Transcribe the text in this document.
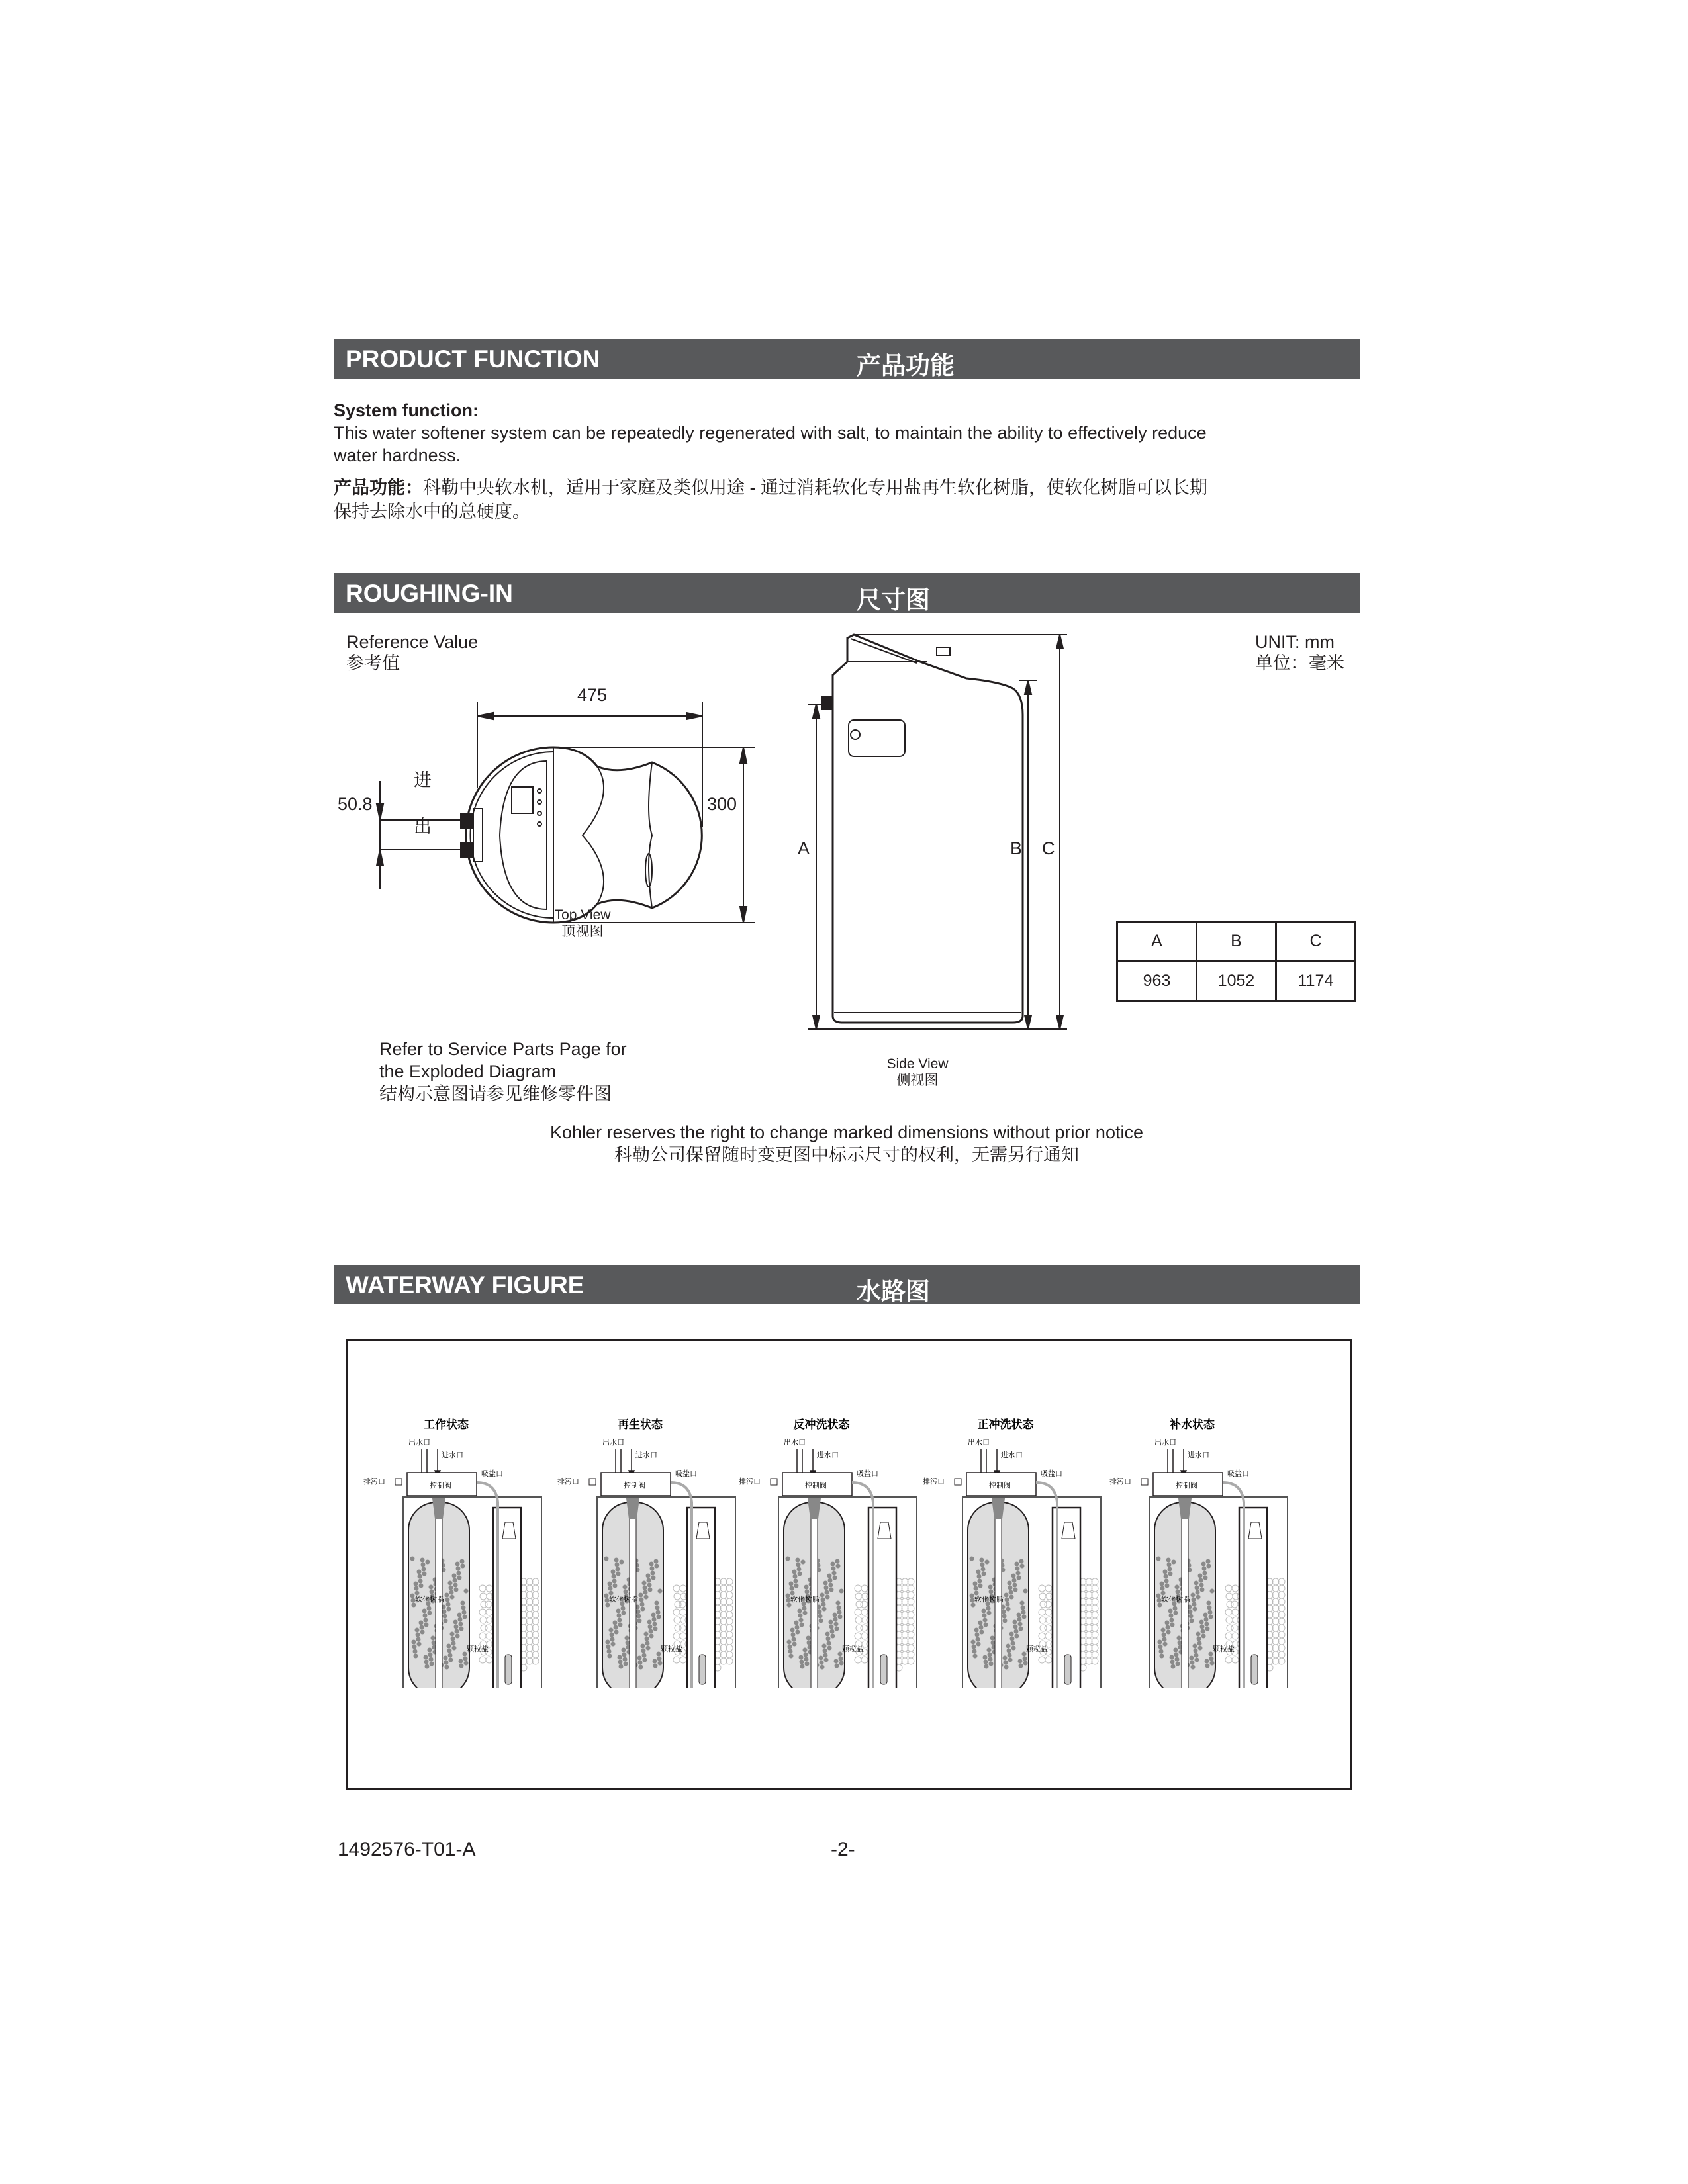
PRODUCT FUNCTION	产品功能
System function:
This water softener system can be repeatedly regenerated with salt, to maintain the ability to effectively reduce
water hardness.
产品功能：科勒中央软水机，适用于家庭及类似用途 - 通过消耗软化专用盐再生软化树脂，使软化树脂可以长期
保持去除水中的总硬度。
ROUGHING-IN	尺寸图
Reference Value
参考值
UNIT: mm
单位：毫米
475
300
50.8
进
出
Top View
顶视图
A	B C
Side View
侧视图
A	B	C
963	1052	1174
Refer to Service Parts Page for
the Exploded Diagram
结构示意图请参见维修零件图
Kohler reserves the right to change marked dimensions without prior notice
科勒公司保留随时变更图中标示尺寸的权利，无需另行通知
WATERWAY FIGURE	水路图
工作状态
出水口
进水口
排污口
吸盐口
控制阀
软化树脂
颗粒盐
再生状态
出水口
进水口
排污口
吸盐口
控制阀
软化树脂
颗粒盐
反冲洗状态
出水口
进水口
排污口
吸盐口
控制阀
软化树脂
颗粒盐
正冲洗状态
出水口
进水口
排污口
吸盐口
控制阀
软化树脂
颗粒盐
补水状态
出水口
进水口
排污口
吸盐口
控制阀
软化树脂
颗粒盐
1492576-T01-A	-2-
